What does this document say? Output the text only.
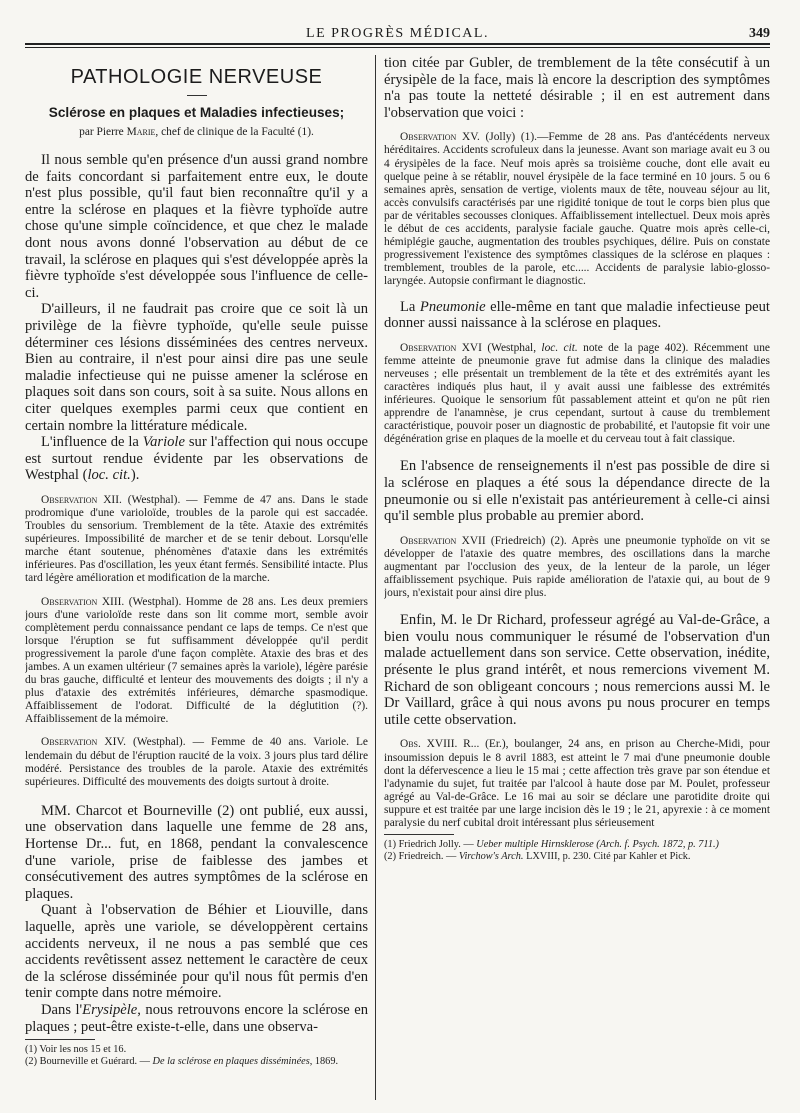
LE PROGRÈS MÉDICAL.	349
PATHOLOGIE NERVEUSE
Sclérose en plaques et Maladies infectieuses;
par Pierre Marie, chef de clinique de la Faculté (1).

Il nous semble qu'en présence d'un aussi grand nombre de faits concordant si parfaitement entre eux, le doute n'est plus possible, qu'il faut bien reconnaître qu'il y a entre la sclérose en plaques et la fièvre typhoïde autre chose qu'une simple coïncidence, et que chez le malade dont nous avons donné l'observation au début de ce travail, la sclérose en plaques qui s'est développée après la fièvre typhoïde s'est développée sous l'influence de celle-ci.

D'ailleurs, il ne faudrait pas croire que ce soit là un privilège de la fièvre typhoïde, qu'elle seule puisse déterminer ces lésions disséminées des centres nerveux. Bien au contraire, il n'est pour ainsi dire pas une seule maladie infectieuse qui ne puisse amener la sclérose en plaques soit dans son cours, soit à sa suite. Nous allons en citer quelques exemples parmi ceux que contient en certain nombre la littérature médicale.

L'influence de la Variole sur l'affection qui nous occupe est surtout rendue évidente par les observations de Westphal (loc. cit.).

Observation XII. (Westphal). — Femme de 47 ans. Dans le stade prodromique d'une varioloïde, troubles de la parole qui est saccadée. Troubles du sensorium. Tremblement de la tête. Ataxie des extrémités supérieures. Impossibilité de marcher et de se tenir debout. Lorsqu'elle marche étant soutenue, phénomènes d'ataxie dans les extrémités inférieures. Pas d'oscillation, les yeux étant fermés. Sensibilité intacte. Plus tard légère amélioration et modification de la marche.

Observation XIII. (Westphal). Homme de 28 ans. Les deux premiers jours d'une varioloïde reste dans son lit comme mort, semble avoir complètement perdu connaissance pendant ce laps de temps. Ce n'est que lorsque l'éruption se fut suffisamment développée qu'il perdit progressivement la parole d'une façon complète. Ataxie des bras et des jambes. A un examen ultérieur (7 semaines après la variole), légère parésie du bras gauche, difficulté et lenteur des mouvements des doigts ; il n'y a plus d'ataxie des extrémités inférieures, démarche spasmodique. Affaiblissement de l'odorat. Difficulté de la déglutition (?). Affaiblissement de la mémoire.

Observation XIV. (Westphal). — Femme de 40 ans. Variole. Le lendemain du début de l'éruption raucité de la voix. 3 jours plus tard délire modéré. Persistance des troubles de la parole. Ataxie des extrémités supérieures. Difficulté des mouvements des doigts surtout à droite.

MM. Charcot et Bourneville (2) ont publié, eux aussi, une observation dans laquelle une femme de 28 ans, Hortense Dr... fut, en 1868, pendant la convalescence d'une variole, prise de faiblesse des jambes et consécutivement des autres symptômes de la sclérose en plaques.

Quant à l'observation de Béhier et Liouville, dans laquelle, après une variole, se développèrent certains accidents nerveux, il ne nous a pas semblé que ces accidents revêtissent assez nettement le caractère de ceux de la sclérose disséminée pour qu'il nous fût permis d'en tenir compte dans notre mémoire.

Dans l'Erysipèle, nous retrouvons encore la sclérose en plaques ; peut-être existe-t-elle, dans une observa-

(1) Voir les nos 15 et 16.

(2) Bourneville et Guérard. — De la sclérose en plaques disséminées, 1869.

tion citée par Gubler, de tremblement de la tête consécutif à un érysipèle de la face, mais là encore la description des symptômes n'a pas toute la netteté désirable ; il en est autrement dans l'observation que voici :

Observation XV. (Jolly) (1).—Femme de 28 ans. Pas d'antécédents nerveux héréditaires. Accidents scrofuleux dans la jeunesse. Avant son mariage avait eu 3 ou 4 érysipèles de la face. Neuf mois après sa troisième couche, dont elle avait eu quelque peine à se rétablir, nouvel érysipèle de la face terminé en 10 jours. 5 ou 6 semaines après, sensation de vertige, violents maux de tête, nouveau séjour au lit, accès convulsifs caractérisés par une rigidité tonique de tout le corps bien plus que par de véritables secousses cloniques. Affaiblissement intellectuel. Deux mois après le début de ces accidents, paralysie faciale gauche. Quatre mois après celle-ci, hémiplégie gauche, augmentation des troubles psychiques, délire. Puis on constate progressivement l'existence des symptômes classiques de la sclérose en plaques : tremblement, troubles de la parole, etc..... Accidents de paralysie labio-glosso-laryngée. Autopsie confirmant le diagnostic.

La Pneumonie elle-même en tant que maladie infectieuse peut donner aussi naissance à la sclérose en plaques.

Observation XVI (Westphal, loc. cit. note de la page 402). Récemment une femme atteinte de pneumonie grave fut admise dans la clinique des maladies nerveuses ; elle présentait un tremblement de la tête et des extrémités ayant les caractères indiqués plus haut, il y avait aussi une faiblesse des extrémités inférieures. Quoique le sensorium fût passablement atteint et qu'on ne pût rien apprendre de l'anamnèse, je crus cependant, surtout à cause du tremblement caractéristique, pouvoir poser un diagnostic de probabilité, et l'autopsie fit voir une dégénération grise en plaques de la moelle et du cerveau tout à fait classique.

En l'absence de renseignements il n'est pas possible de dire si la sclérose en plaques a été sous la dépendance directe de la pneumonie ou si elle n'existait pas antérieurement à celle-ci ainsi qu'il semble plus probable au premier abord.

Observation XVII (Friedreich) (2). Après une pneumonie typhoïde on vit se développer de l'ataxie des quatre membres, des oscillations dans la marche augmentant par l'occlusion des yeux, de la lenteur de la parole, un léger affaiblissement psychique. Puis rapide amélioration de l'ataxie qui, au bout de 9 jours, n'existait pour ainsi dire plus.

Enfin, M. le Dr Richard, professeur agrégé au Val-de-Grâce, a bien voulu nous communiquer le résumé de l'observation d'un malade actuellement dans son service. Cette observation, inédite, présente le plus grand intérêt, et nous remercions vivement M. Richard de son obligeant concours ; nous remercions aussi M. le Dr Vaillard, grâce à qui nous avons pu nous procurer en temps utile cette observation.

Obs. XVIII. R... (Er.), boulanger, 24 ans, en prison au Cherche-Midi, pour insoumission depuis le 8 avril 1883, est atteint le 7 mai d'une pneumonie double dont la défervescence a lieu le 15 mai ; cette affection très grave par son étendue et l'adynamie du sujet, fut traitée par l'alcool à haute dose par M. Poulet, professeur agrégé au Val-de-Grâce. Le 16 mai au soir se déclare une parotidite droite qui suppure et est traitée par une large incision dès le 19 ; le 21, apyrexie : à ce moment paralysie du nerf cubital droit intéressant plus sérieusement

(1) Friedrich Jolly. — Ueber multiple Hirnsklerose (Arch. f. Psych. 1872, p. 711.)

(2) Friedreich. — Virchow's Arch. LXVIII, p. 230. Cité par Kahler et Pick.
